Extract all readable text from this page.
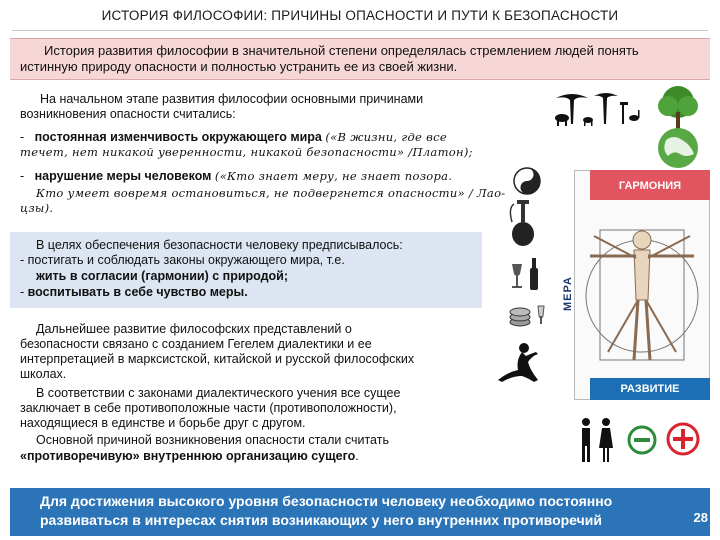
ИСТОРИЯ ФИЛОСОФИИ: ПРИЧИНЫ ОПАСНОСТИ И ПУТИ К БЕЗОПАСНОСТИ
История развития философии в значительной степени определялась стремлением людей понять
истинную природу опасности и полностью устранить ее из своей жизни.
На начальном этапе развития философии основными причинами
возникновения опасности считались:
- постоянная изменчивость окружающего мира («В жизни, где все
течет, нет никакой уверенности, никакой безопасности» /Платон);
- нарушение меры человеком («Кто знает меру, не знает позора.
Кто умеет вовремя остановиться, не подвергнется опасности» / Лао-
цзы).
В целях обеспечения безопасности человеку предписывалось:
- постигать и соблюдать законы окружающего мира, т.е.
жить в согласии (гармонии) с природой;
- воспитывать в себе чувство меры.
Дальнейшее развитие философских представлений о
безопасности связано с созданием Гегелем диалектики и ее
интерпретацией в марксистской, китайской и русской философских
школах.
В соответствии с законами диалектического учения все сущее
заключает в себе противоположные части (противоположности),
находящиеся в единстве и борьбе друг с другом.
Основной причиной возникновения опасности стали считать
«противоречивую» внутреннюю организацию сущего.
ГАРМОНИЯ
МЕРА
РАЗВИТИЕ
Для достижения высокого уровня безопасности человеку необходимо постоянно
развиваться в интересах снятия возникающих у него внутренних противоречий	28
